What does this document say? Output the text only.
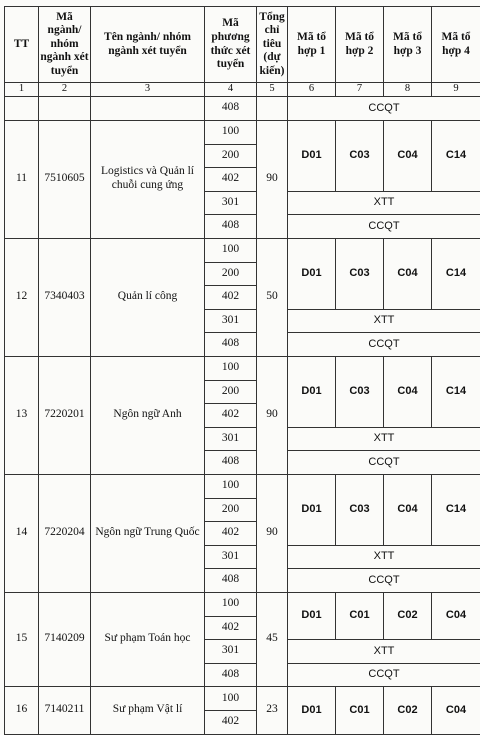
TT	Mã ngành/ nhóm ngành xét tuyển	Tên ngành/ nhóm ngành xét tuyển	Mã phương thức xét tuyển	Tổng chỉ tiêu (dự kiến)	Mã tổ hợp 1	Mã tổ hợp 2	Mã tổ hợp 3	Mã tổ hợp 4
1	2	3	4	5	6	7	8	9
			408		CCQT			
11	7510605	Logistics và Quản lí chuỗi cung ứng	100	90	D01	C03	C04	C14
			200					
			402					
			301		XTT			
			408		CCQT			
12	7340403	Quản lí công	100	50	D01	C03	C04	C14
			200					
			402					
			301		XTT			
			408		CCQT			
13	7220201	Ngôn ngữ Anh	100	90	D01	C03	C04	C14
			200					
			402					
			301		XTT			
			408		CCQT			
14	7220204	Ngôn ngữ Trung Quốc	100	90	D01	C03	C04	C14
			200					
			402					
			301		XTT			
			408		CCQT			
15	7140209	Sư phạm Toán học	100	45	D01	C01	C02	C04
			402					
			301		XTT			
			408		CCQT			
16	7140211	Sư phạm Vật lí	100	23	D01	C01	C02	C04
			402					
